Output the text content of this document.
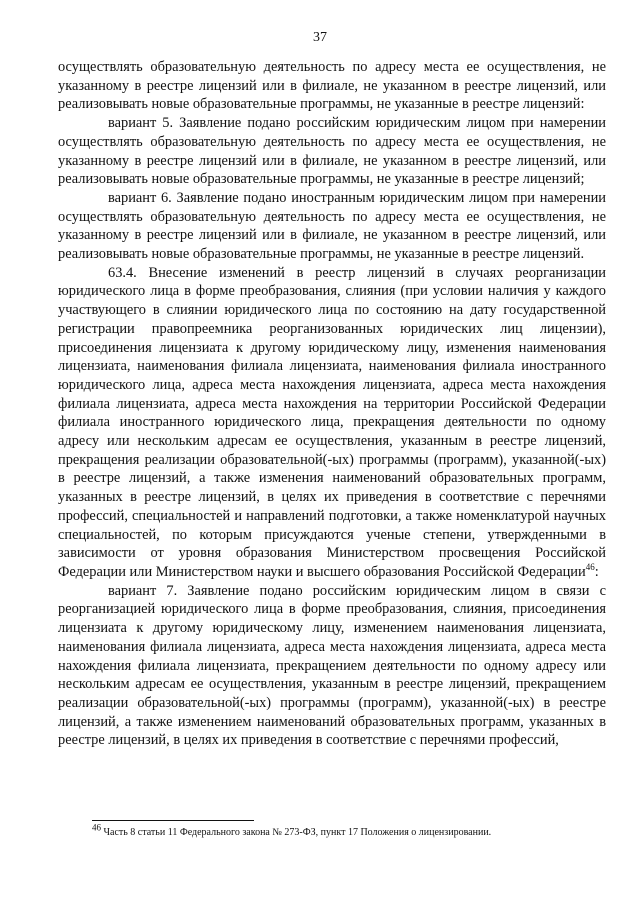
37

осуществлять образовательную деятельность по адресу места ее осуществления, не указанному в реестре лицензий или в филиале, не указанном в реестре лицензий, или реализовывать новые образовательные программы, не указанные в реестре лицензий:

вариант 5. Заявление подано российским юридическим лицом при намерении осуществлять образовательную деятельность по адресу места ее осуществления, не указанному в реестре лицензий или в филиале, не указанном в реестре лицензий, или реализовывать новые образовательные программы, не указанные в реестре лицензий;

вариант 6. Заявление подано иностранным юридическим лицом при намерении осуществлять образовательную деятельность по адресу места ее осуществления, не указанному в реестре лицензий или в филиале, не указанном в реестре лицензий, или реализовывать новые образовательные программы, не указанные в реестре лицензий.

63.4. Внесение изменений в реестр лицензий в случаях реорганизации юридического лица в форме преобразования, слияния (при условии наличия у каждого участвующего в слиянии юридического лица по состоянию на дату государственной регистрации правопреемника реорганизованных юридических лиц лицензии), присоединения лицензиата к другому юридическому лицу, изменения наименования лицензиата, наименования филиала лицензиата, наименования филиала иностранного юридического лица, адреса места нахождения лицензиата, адреса места нахождения филиала лицензиата, адреса места нахождения на территории Российской Федерации филиала иностранного юридического лица, прекращения деятельности по одному адресу или нескольким адресам ее осуществления, указанным в реестре лицензий, прекращения реализации образовательной(-ых) программы (программ), указанной(-ых) в реестре лицензий, а также изменения наименований образовательных программ, указанных в реестре лицензий, в целях их приведения в соответствие с перечнями профессий, специальностей и направлений подготовки, а также номенклатурой научных специальностей, по которым присуждаются ученые степени, утвержденными в зависимости от уровня образования Министерством просвещения Российской Федерации или Министерством науки и высшего образования Российской Федерации$^{46}$:

вариант 7. Заявление подано российским юридическим лицом в связи с реорганизацией юридического лица в форме преобразования, слияния, присоединения лицензиата к другому юридическому лицу, изменением наименования лицензиата, наименования филиала лицензиата, адреса места нахождения лицензиата, адреса места нахождения филиала лицензиата, прекращением деятельности по одному адресу или нескольким адресам ее осуществления, указанным в реестре лицензий, прекращением реализации образовательной(-ых) программы (программ), указанной(-ых) в реестре лицензий, а также изменением наименований образовательных программ, указанных в реестре лицензий, в целях их приведения в соответствие с перечнями профессий,

$^{46}$ Часть 8 статьи 11 Федерального закона № 273-ФЗ, пункт 17 Положения о лицензировании.
